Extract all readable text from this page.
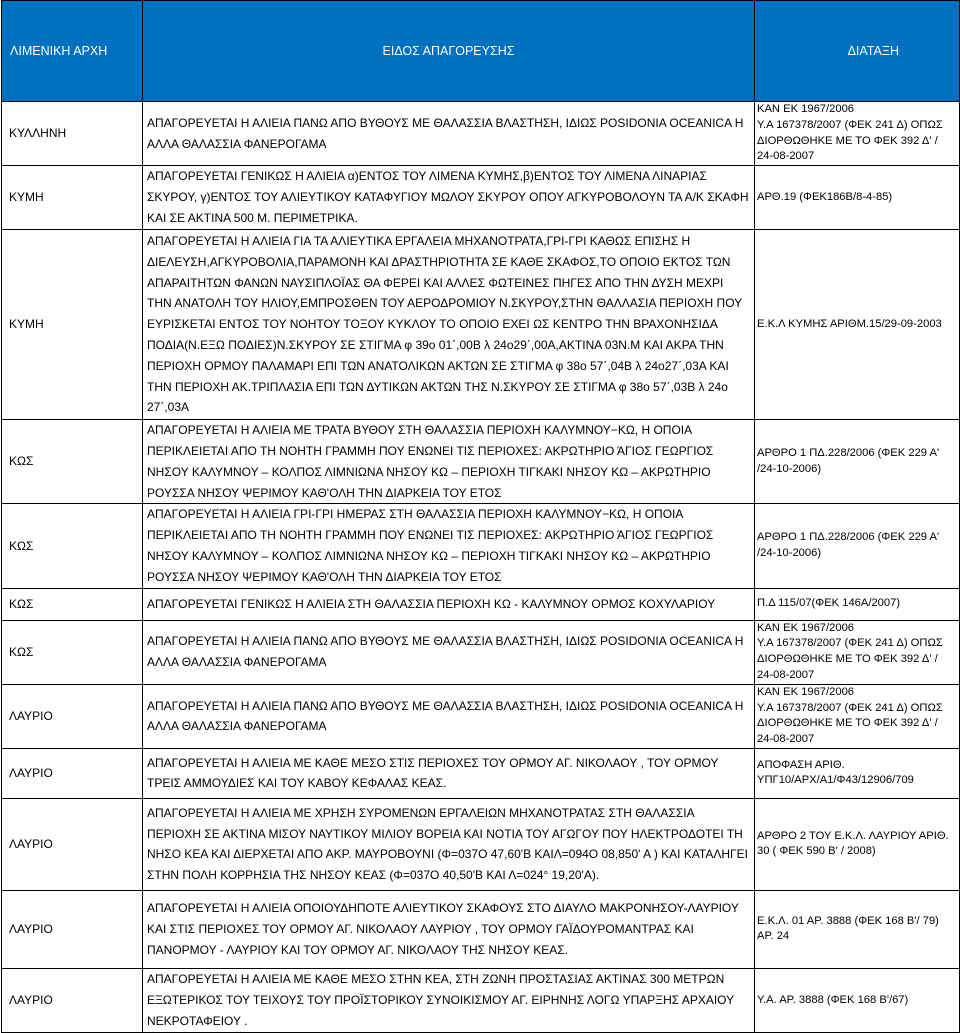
ΛΙΜΕΝΙΚΗ ΑΡΧΗ	ΕΙΔΟΣ ΑΠΑΓΟΡΕΥΣΗΣ	ΔΙΑΤΑΞΗ
ΚΥΛΛΗΝΗ	ΑΠΑΓΟΡΕΥΕΤΑΙ Η ΑΛΙΕΙΑ ΠΑΝΩ ΑΠΟ ΒΥΘΟΥΣ ΜΕ ΘΑΛΑΣΣΙΑ ΒΛΑΣΤΗΣΗ, ΙΔΙΩΣ POSIDONIA OCEANICA Η ΑΛΛΑ ΘΑΛΑΣΣΙΑ ΦΑΝΕΡΟΓΑΜΑ	ΚΑΝ ΕΚ 1967/2006
Υ.Α 167378/2007 (ΦΕΚ 241 Δ) ΟΠΩΣ ΔΙΟΡΘΩΘΗΚΕ ΜΕ ΤΟ ΦΕΚ 392 Δ' / 24-08-2007

ΚΥΜΗ	ΑΠΑΓΟΡΕΥΕΤΑΙ ΓΕΝΙΚΩΣ Η ΑΛΙΕΙΑ α)ΕΝΤΟΣ ΤΟΥ ΛΙΜΕΝΑ ΚΥΜΗΣ,β)ΕΝΤΟΣ ΤΟΥ ΛΙΜΕΝΑ ΛΙΝΑΡΙΑΣ ΣΚΥΡΟΥ, γ)ΕΝΤΟΣ ΤΟΥ ΑΛΙΕΥΤΙΚΟΥ ΚΑΤΑΦΥΓΙΟΥ ΜΩΛΟΥ ΣΚΥΡΟΥ ΟΠΟΥ ΑΓΚΥΡΟΒΟΛΟΥΝ ΤΑ Α/Κ ΣΚΑΦΗ ΚΑΙ ΣΕ ΑΚΤΙΝΑ 500 Μ. ΠΕΡΙΜΕΤΡΙΚΑ.	ΑΡΘ.19 (ΦΕΚ186Β/8-4-85)

ΚΥΜΗ	ΑΠΑΓΟΡΕΥΕΤΑΙ Η ΑΛΙΕΙΑ ΓΙΑ ΤΑ ΑΛΙΕΥΤΙΚΑ ΕΡΓΑΛΕΙΑ ΜΗΧΑΝΟΤΡΑΤΑ,ΓΡΙ-ΓΡΙ ΚΑΘΩΣ ΕΠΙΣΗΣ Η ΔΙΕΛΕΥΣΗ,ΑΓΚΥΡΟΒΟΛΙΑ,ΠΑΡΑΜΟΝΗ ΚΑΙ ΔΡΑΣΤΗΡΙΟΤΗΤΑ ΣΕ ΚΑΘΕ ΣΚΑΦΟΣ,ΤΟ ΟΠΟΙΟ ΕΚΤΟΣ ΤΩΝ ΑΠΑΡΑΙΤΗΤΩΝ ΦΑΝΩΝ ΝΑΥΣΙΠΛΟΪΑΣ ΘΑ ΦΕΡΕΙ ΚΑΙ ΑΛΛΕΣ ΦΩΤΕΙΝΕΣ ΠΗΓΕΣ ΑΠΟ ΤΗΝ ΔΥΣΗ ΜΕΧΡΙ ΤΗΝ ΑΝΑΤΟΛΗ ΤΟΥ ΗΛΙΟΥ,ΕΜΠΡΟΣΘΕΝ ΤΟΥ ΑΕΡΟΔΡΟΜΙΟΥ Ν.ΣΚΥΡΟΥ,ΣΤΗΝ ΘΑΛΛΑΣΙΑ ΠΕΡΙΟΧΗ ΠΟΥ ΕΥΡΙΣΚΕΤΑΙ ΕΝΤΟΣ ΤΟΥ ΝΟΗΤΟΥ ΤΟΞΟΥ ΚΥΚΛΟΥ ΤΟ ΟΠΟΙΟ ΕΧΕΙ ΩΣ ΚΕΝΤΡΟ ΤΗΝ ΒΡΑΧΟΝΗΣΙΔΑ ΠΟΔΙΑ(Ν.ΕΞΩ ΠΟΔΙΕΣ)Ν.ΣΚΥΡΟΥ ΣΕ ΣΤΙΓΜΑ φ 39ο 01΄,00Β λ 24ο29΄,00Α,ΑΚΤΙΝΑ 03Ν.Μ ΚΑΙ ΑΚΡΑ ΤΗΝ ΠΕΡΙΟΧΗ ΟΡΜΟΥ ΠΑΛΑΜΑΡΙ ΕΠΙ ΤΩΝ ΑΝΑΤΟΛΙΚΩΝ ΑΚΤΩΝ ΣΕ ΣΤΙΓΜΑ φ 38ο 57΄,04Β λ 24ο27΄,03Α ΚΑΙ ΤΗΝ ΠΕΡΙΟΧΗ ΑΚ.ΤΡΙΠΛΑΣΙΑ ΕΠΙ ΤΩΝ ΔΥΤΙΚΩΝ ΑΚΤΩΝ ΤΗΣ Ν.ΣΚΥΡΟΥ ΣΕ ΣΤΙΓΜΑ φ 38ο 57΄,03Β λ 24ο 27΄,03Α	Ε.Κ.Λ ΚΥΜΗΣ ΑΡΙΘΜ.15/29-09-2003

ΚΩΣ	ΑΠΑΓΟΡΕΥΕΤΑΙ Η ΑΛΙΕΙΑ ΜΕ ΤΡΑΤΑ ΒΥΘΟΥ ΣΤΗ ΘΑΛΑΣΣΙΑ ΠΕΡΙΟΧΗ ΚΑΛΥΜΝΟΥ−ΚΩ, Η ΟΠΟΙΑ ΠΕΡΙΚΛΕΙΕΤΑΙ ΑΠΟ ΤΗ ΝΟΗΤΗ ΓΡΑΜΜΗ ΠΟΥ ΕΝΩΝΕΙ ΤΙΣ ΠΕΡΙΟΧΕΣ: ΑΚΡΩΤΗΡΙΟ ΆΓΙΟΣ ΓΕΩΡΓΙΟΣ ΝΗΣΟΥ ΚΑΛΥΜΝΟΥ – ΚΟΛΠΟΣ ΛΙΜΝΙΩΝΑ ΝΗΣΟΥ ΚΩ – ΠΕΡΙΟΧΗ ΤΙΓΚΑΚΙ ΝΗΣΟΥ ΚΩ – ΑΚΡΩΤΗΡΙΟ ΡΟΥΣΣΑ ΝΗΣΟΥ ΨΕΡΙΜΟΥ ΚΑΘ'ΟΛΗ ΤΗΝ ΔΙΑΡΚΕΙΑ ΤΟΥ ΕΤΟΣ	ΑΡΘΡΟ 1 ΠΔ.228/2006 (ΦΕΚ 229 Α' /24-10-2006)

ΚΩΣ	ΑΠΑΓΟΡΕΥΕΤΑΙ Η ΑΛΙΕΙΑ ΓΡΙ-ΓΡΙ ΗΜΕΡΑΣ ΣΤΗ ΘΑΛΑΣΣΙΑ ΠΕΡΙΟΧΗ ΚΑΛΥΜΝΟΥ−ΚΩ, Η ΟΠΟΙΑ ΠΕΡΙΚΛΕΙΕΤΑΙ ΑΠΟ ΤΗ ΝΟΗΤΗ ΓΡΑΜΜΗ ΠΟΥ ΕΝΩΝΕΙ ΤΙΣ ΠΕΡΙΟΧΕΣ: ΑΚΡΩΤΗΡΙΟ ΆΓΙΟΣ ΓΕΩΡΓΙΟΣ ΝΗΣΟΥ ΚΑΛΥΜΝΟΥ – ΚΟΛΠΟΣ ΛΙΜΝΙΩΝΑ ΝΗΣΟΥ ΚΩ – ΠΕΡΙΟΧΗ ΤΙΓΚΑΚΙ ΝΗΣΟΥ ΚΩ – ΑΚΡΩΤΗΡΙΟ ΡΟΥΣΣΑ ΝΗΣΟΥ ΨΕΡΙΜΟΥ ΚΑΘ'ΟΛΗ ΤΗΝ ΔΙΑΡΚΕΙΑ ΤΟΥ ΕΤΟΣ	ΑΡΘΡΟ 1 ΠΔ.228/2006 (ΦΕΚ 229 Α' /24-10-2006)

ΚΩΣ	ΑΠΑΓΟΡΕΥΕΤΑΙ ΓΕΝΙΚΩΣ Η ΑΛΙΕΙΑ ΣΤΗ ΘΑΛΑΣΣΙΑ ΠΕΡΙΟΧΗ ΚΩ - ΚΑΛΥΜΝΟΥ ΟΡΜΟΣ ΚΟΧΥΛΑΡΙΟΥ	Π.Δ 115/07(ΦΕΚ 146Α/2007)

ΚΩΣ	ΑΠΑΓΟΡΕΥΕΤΑΙ Η ΑΛΙΕΙΑ ΠΑΝΩ ΑΠΟ ΒΥΘΟΥΣ ΜΕ ΘΑΛΑΣΣΙΑ ΒΛΑΣΤΗΣΗ, ΙΔΙΩΣ POSIDONIA OCEANICA Η ΑΛΛΑ ΘΑΛΑΣΣΙΑ ΦΑΝΕΡΟΓΑΜΑ	ΚΑΝ ΕΚ 1967/2006
Υ.Α 167378/2007 (ΦΕΚ 241 Δ) ΟΠΩΣ ΔΙΟΡΘΩΘΗΚΕ ΜΕ ΤΟ ΦΕΚ 392 Δ' / 24-08-2007

ΛΑΥΡΙΟ	ΑΠΑΓΟΡΕΥΕΤΑΙ Η ΑΛΙΕΙΑ ΠΑΝΩ ΑΠΟ ΒΥΘΟΥΣ ΜΕ ΘΑΛΑΣΣΙΑ ΒΛΑΣΤΗΣΗ, ΙΔΙΩΣ POSIDONIA OCEANICA Η ΑΛΛΑ ΘΑΛΑΣΣΙΑ ΦΑΝΕΡΟΓΑΜΑ	ΚΑΝ ΕΚ 1967/2006
Υ.Α 167378/2007 (ΦΕΚ 241 Δ) ΟΠΩΣ ΔΙΟΡΘΩΘΗΚΕ ΜΕ ΤΟ ΦΕΚ 392 Δ' / 24-08-2007

ΛΑΥΡΙΟ	ΑΠΑΓΟΡΕΥΕΤΑΙ Η ΑΛΙΕΙΑ ΜΕ ΚΑΘΕ ΜΕΣΟ ΣΤΙΣ ΠΕΡΙΟΧΕΣ ΤΟΥ ΟΡΜΟΥ ΑΓ. ΝΙΚΟΛΑΟΥ , ΤΟΥ ΟΡΜΟΥ ΤΡΕΙΣ ΑΜΜΟΥΔΙΕΣ ΚΑΙ ΤΟΥ ΚΑΒΟΥ ΚΕΦΑΛΑΣ ΚΕΑΣ.	ΑΠΟΦΑΣΗ ΑΡΙΘ.
ΥΠΓ10/ΑΡΧ/Α1/Φ43/12906/709

ΛΑΥΡΙΟ	ΑΠΑΓΟΡΕΥΕΤΑΙ Η ΑΛΙΕΙΑ ΜΕ ΧΡΗΣΗ ΣΥΡΟΜΕΝΩΝ ΕΡΓΑΛΕΙΩΝ ΜΗΧΑΝΟΤΡΑΤΑΣ ΣΤΗ ΘΑΛΑΣΣΙΑ ΠΕΡΙΟΧΗ ΣΕ ΑΚΤΙΝΑ ΜΙΣΟΥ ΝΑΥΤΙΚΟΥ ΜΙΛΙΟΥ ΒΟΡΕΙΑ ΚΑΙ ΝΟΤΙΑ ΤΟΥ ΑΓΩΓΟΥ ΠΟΥ ΗΛΕΚΤΡΟΔΟΤΕΙ ΤΗ ΝΗΣΟ ΚΕΑ ΚΑΙ ΔΙΕΡΧΕΤΑΙ ΑΠΟ ΑΚΡ. ΜΑΥΡΟΒΟΥΝΙ (Φ=037Ο 47,60'Β ΚΑΙΛ=094Ο 08,850' Α ) ΚΑΙ ΚΑΤΑΛΗΓΕΙ ΣΤΗΝ ΠΟΛΗ ΚΟΡΡΗΣΙΑ ΤΗΣ ΝΗΣΟΥ ΚΕΑΣ (Φ=037Ο 40,50'Β ΚΑΙ Λ=024° 19,20'Α).	ΑΡΘΡΟ 2 ΤΟΥ Ε.Κ.Λ. ΛΑΥΡΙΟΥ ΑΡΙΘ. 30 ( ΦΕΚ 590 Β' / 2008)

ΛΑΥΡΙΟ	ΑΠΑΓΟΡΕΥΕΤΑΙ Η ΑΛΙΕΙΑ ΟΠΟΙΟΥΔΗΠΟΤΕ ΑΛΙΕΥΤΙΚΟΥ ΣΚΑΦΟΥΣ ΣΤΟ ΔΙΑΥΛΟ ΜΑΚΡΟΝΗΣΟΥ-ΛΑΥΡΙΟΥ ΚΑΙ ΣΤΙΣ ΠΕΡΙΟΧΕΣ ΤΟΥ ΟΡΜΟΥ ΑΓ. ΝΙΚΟΛΑΟΥ ΛΑΥΡΙΟΥ , ΤΟΥ ΟΡΜΟΥ ΓΑΪΔΟΥΡΟΜΑΝΤΡΑΣ ΚΑΙ ΠΑΝΟΡΜΟΥ - ΛΑΥΡΙΟΥ ΚΑΙ ΤΟΥ ΟΡΜΟΥ ΑΓ. ΝΙΚΟΛΑΟΥ ΤΗΣ ΝΗΣΟΥ ΚΕΑΣ.	Ε.Κ.Λ. 01 ΑΡ. 3888 (ΦΕΚ 168 Β'/ 79) ΑΡ. 24

ΛΑΥΡΙΟ	ΑΠΑΓΟΡΕΥΕΤΑΙ Η ΑΛΙΕΙΑ ΜΕ ΚΑΘΕ ΜΕΣΟ ΣΤΗΝ ΚΕΑ, ΣΤΗ ΖΩΝΗ ΠΡΟΣΤΑΣΙΑΣ ΑΚΤΙΝΑΣ 300 ΜΕΤΡΩΝ ΕΞΩΤΕΡΙΚΟΣ ΤΟΥ ΤΕΙΧΟΥΣ ΤΟΥ ΠΡΟΪΣΤΟΡΙΚΟΥ ΣΥΝΟΙΚΙΣΜΟΥ ΑΓ. ΕΙΡΗΝΗΣ ΛΟΓΩ ΥΠΑΡΞΗΣ ΑΡΧΑΙΟΥ ΝΕΚΡΟΤΑΦΕΙΟΥ .	Υ.Α. ΑΡ. 3888 (ΦΕΚ 168 Β'/67)
